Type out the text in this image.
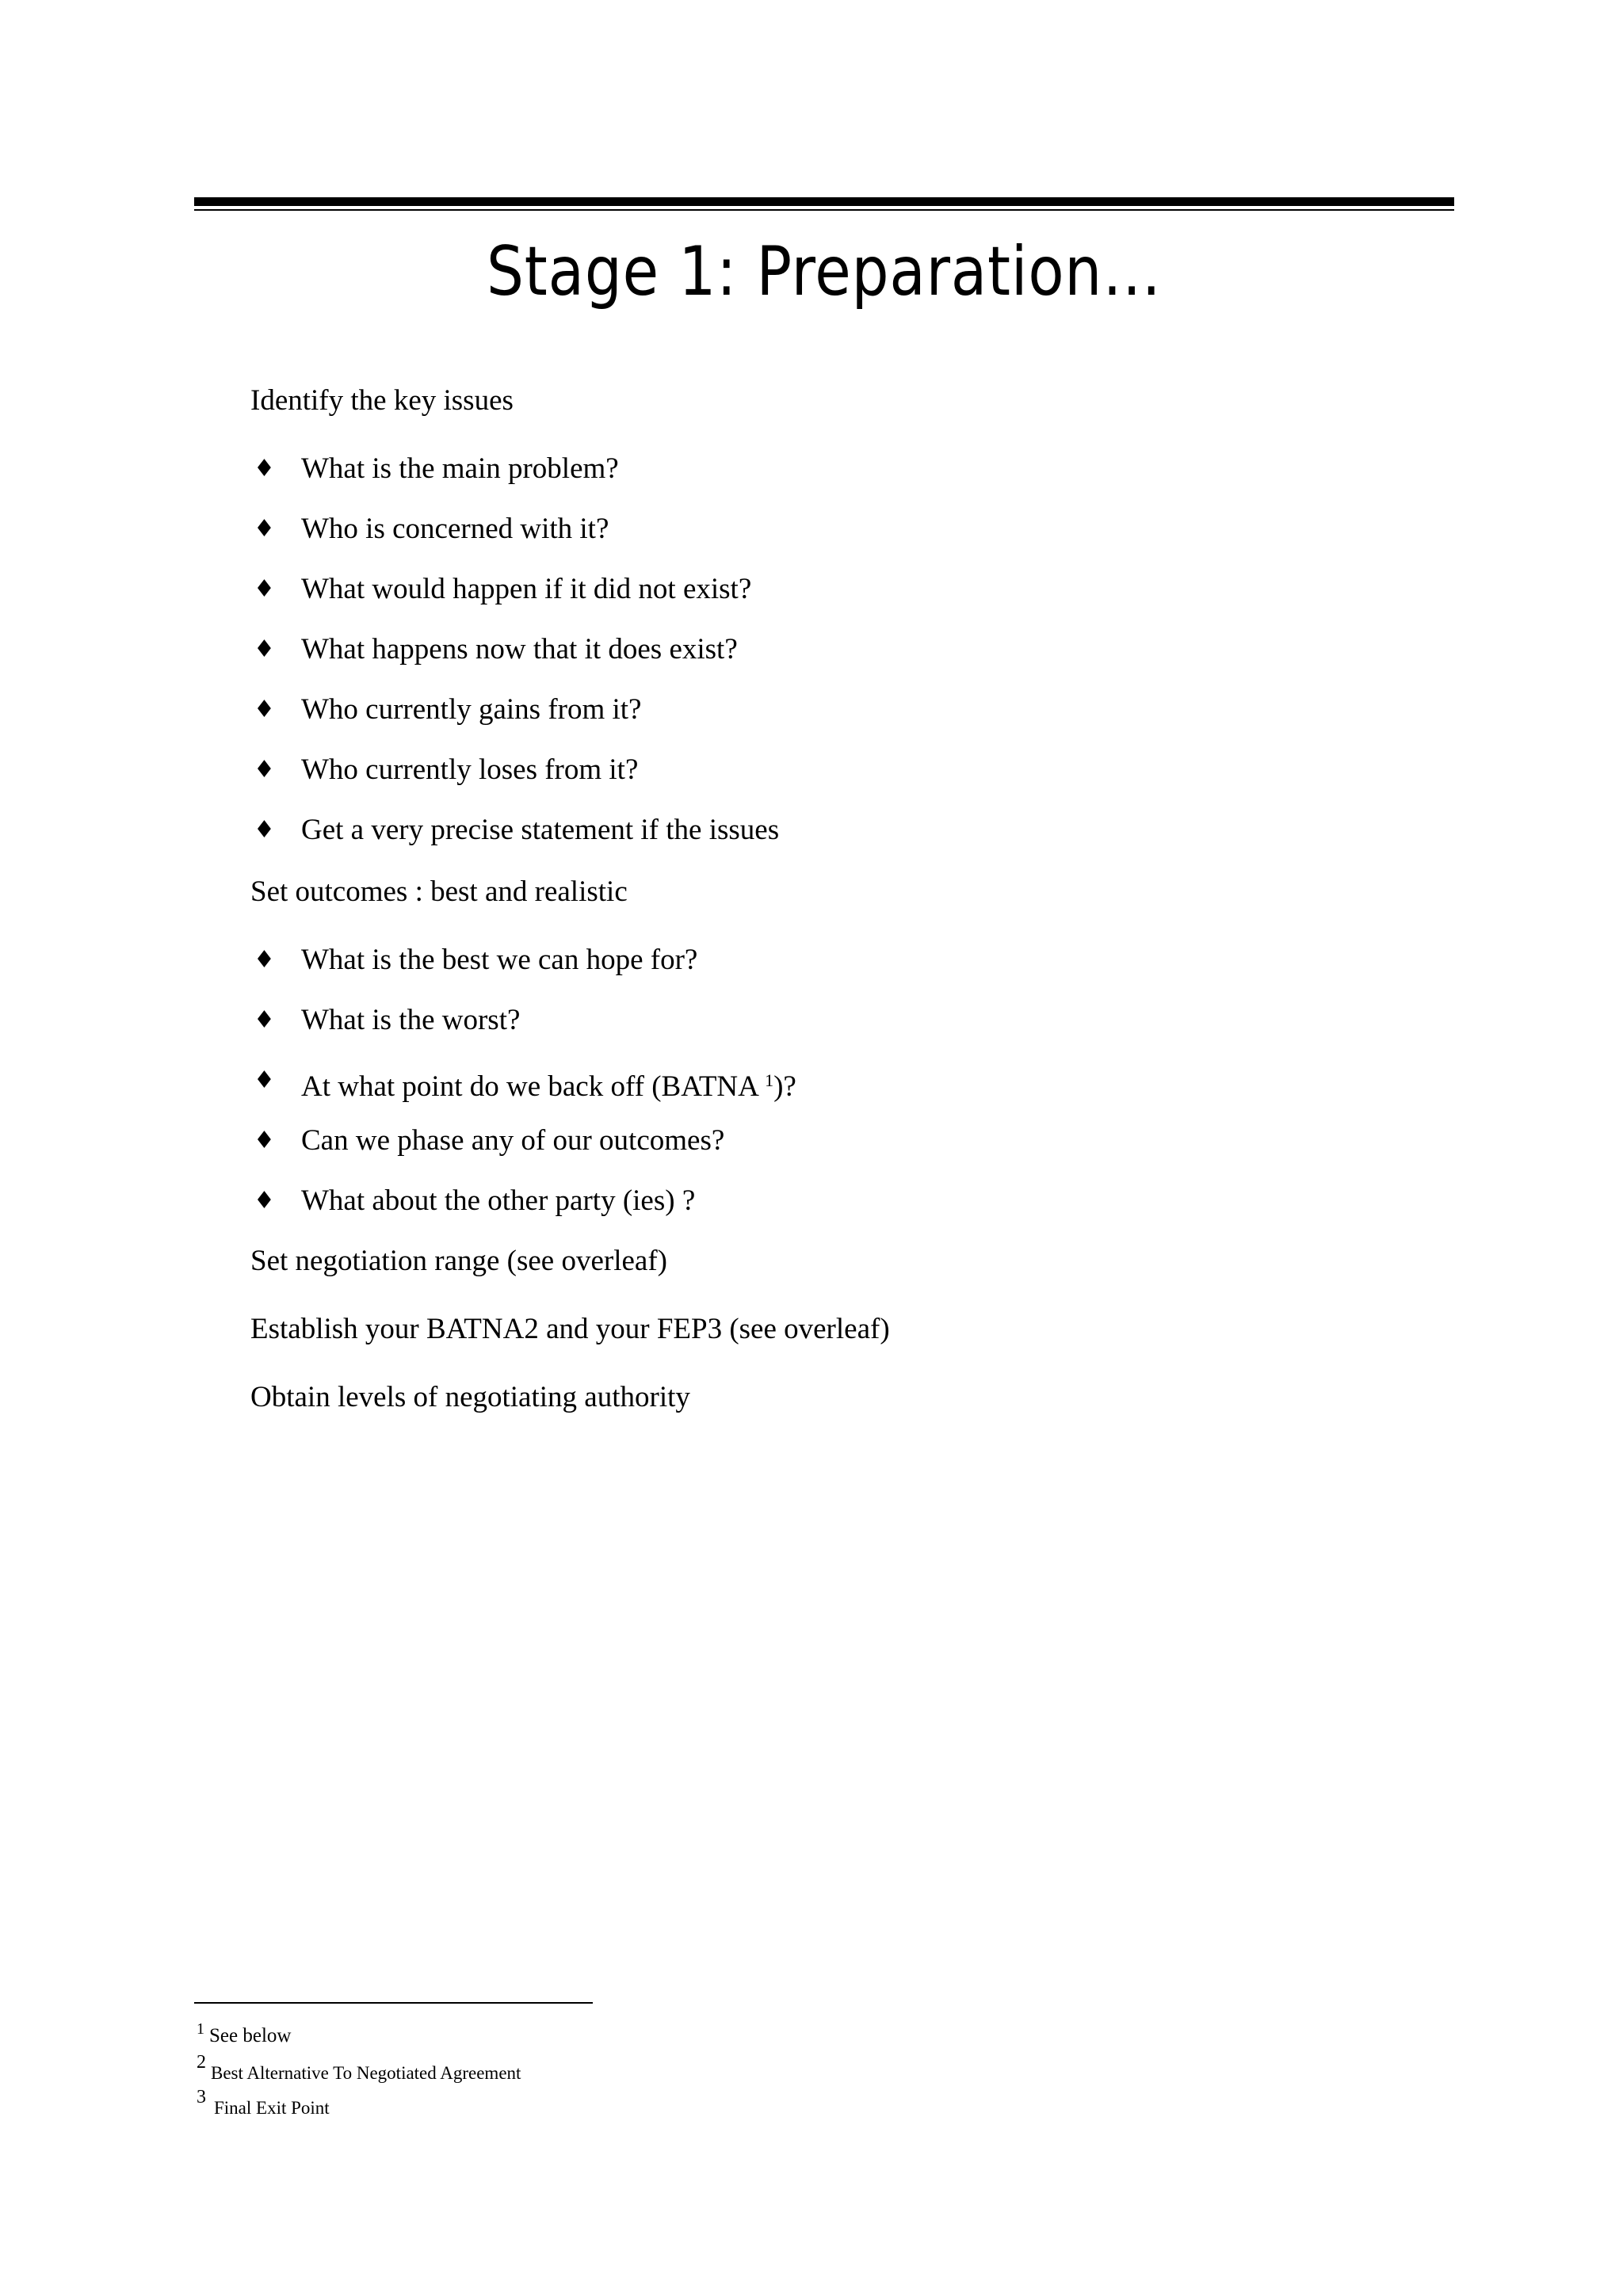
Stage 1: Preparation…
Identify the key issues
♦ What is the main problem?
♦ Who is concerned with it?
♦ What would happen if it did not exist?
♦ What happens now that it does exist?
♦ Who currently gains from it?
♦ Who currently loses from it?
♦ Get a very precise statement if the issues
Set outcomes : best and realistic
♦ What is the best we can hope for?
♦ What is the worst?
♦ At what point do we back off (BATNA $^1$)?
♦ Can we phase any of our outcomes?
♦ What about the other party (ies) ?
Set negotiation range (see overleaf)
Establish your BATNA2 and your FEP3 (see overleaf)
Obtain levels of negotiating authority
$^1$ See below
2Best Alternative To Negotiated Agreement
3Final Exit Point
